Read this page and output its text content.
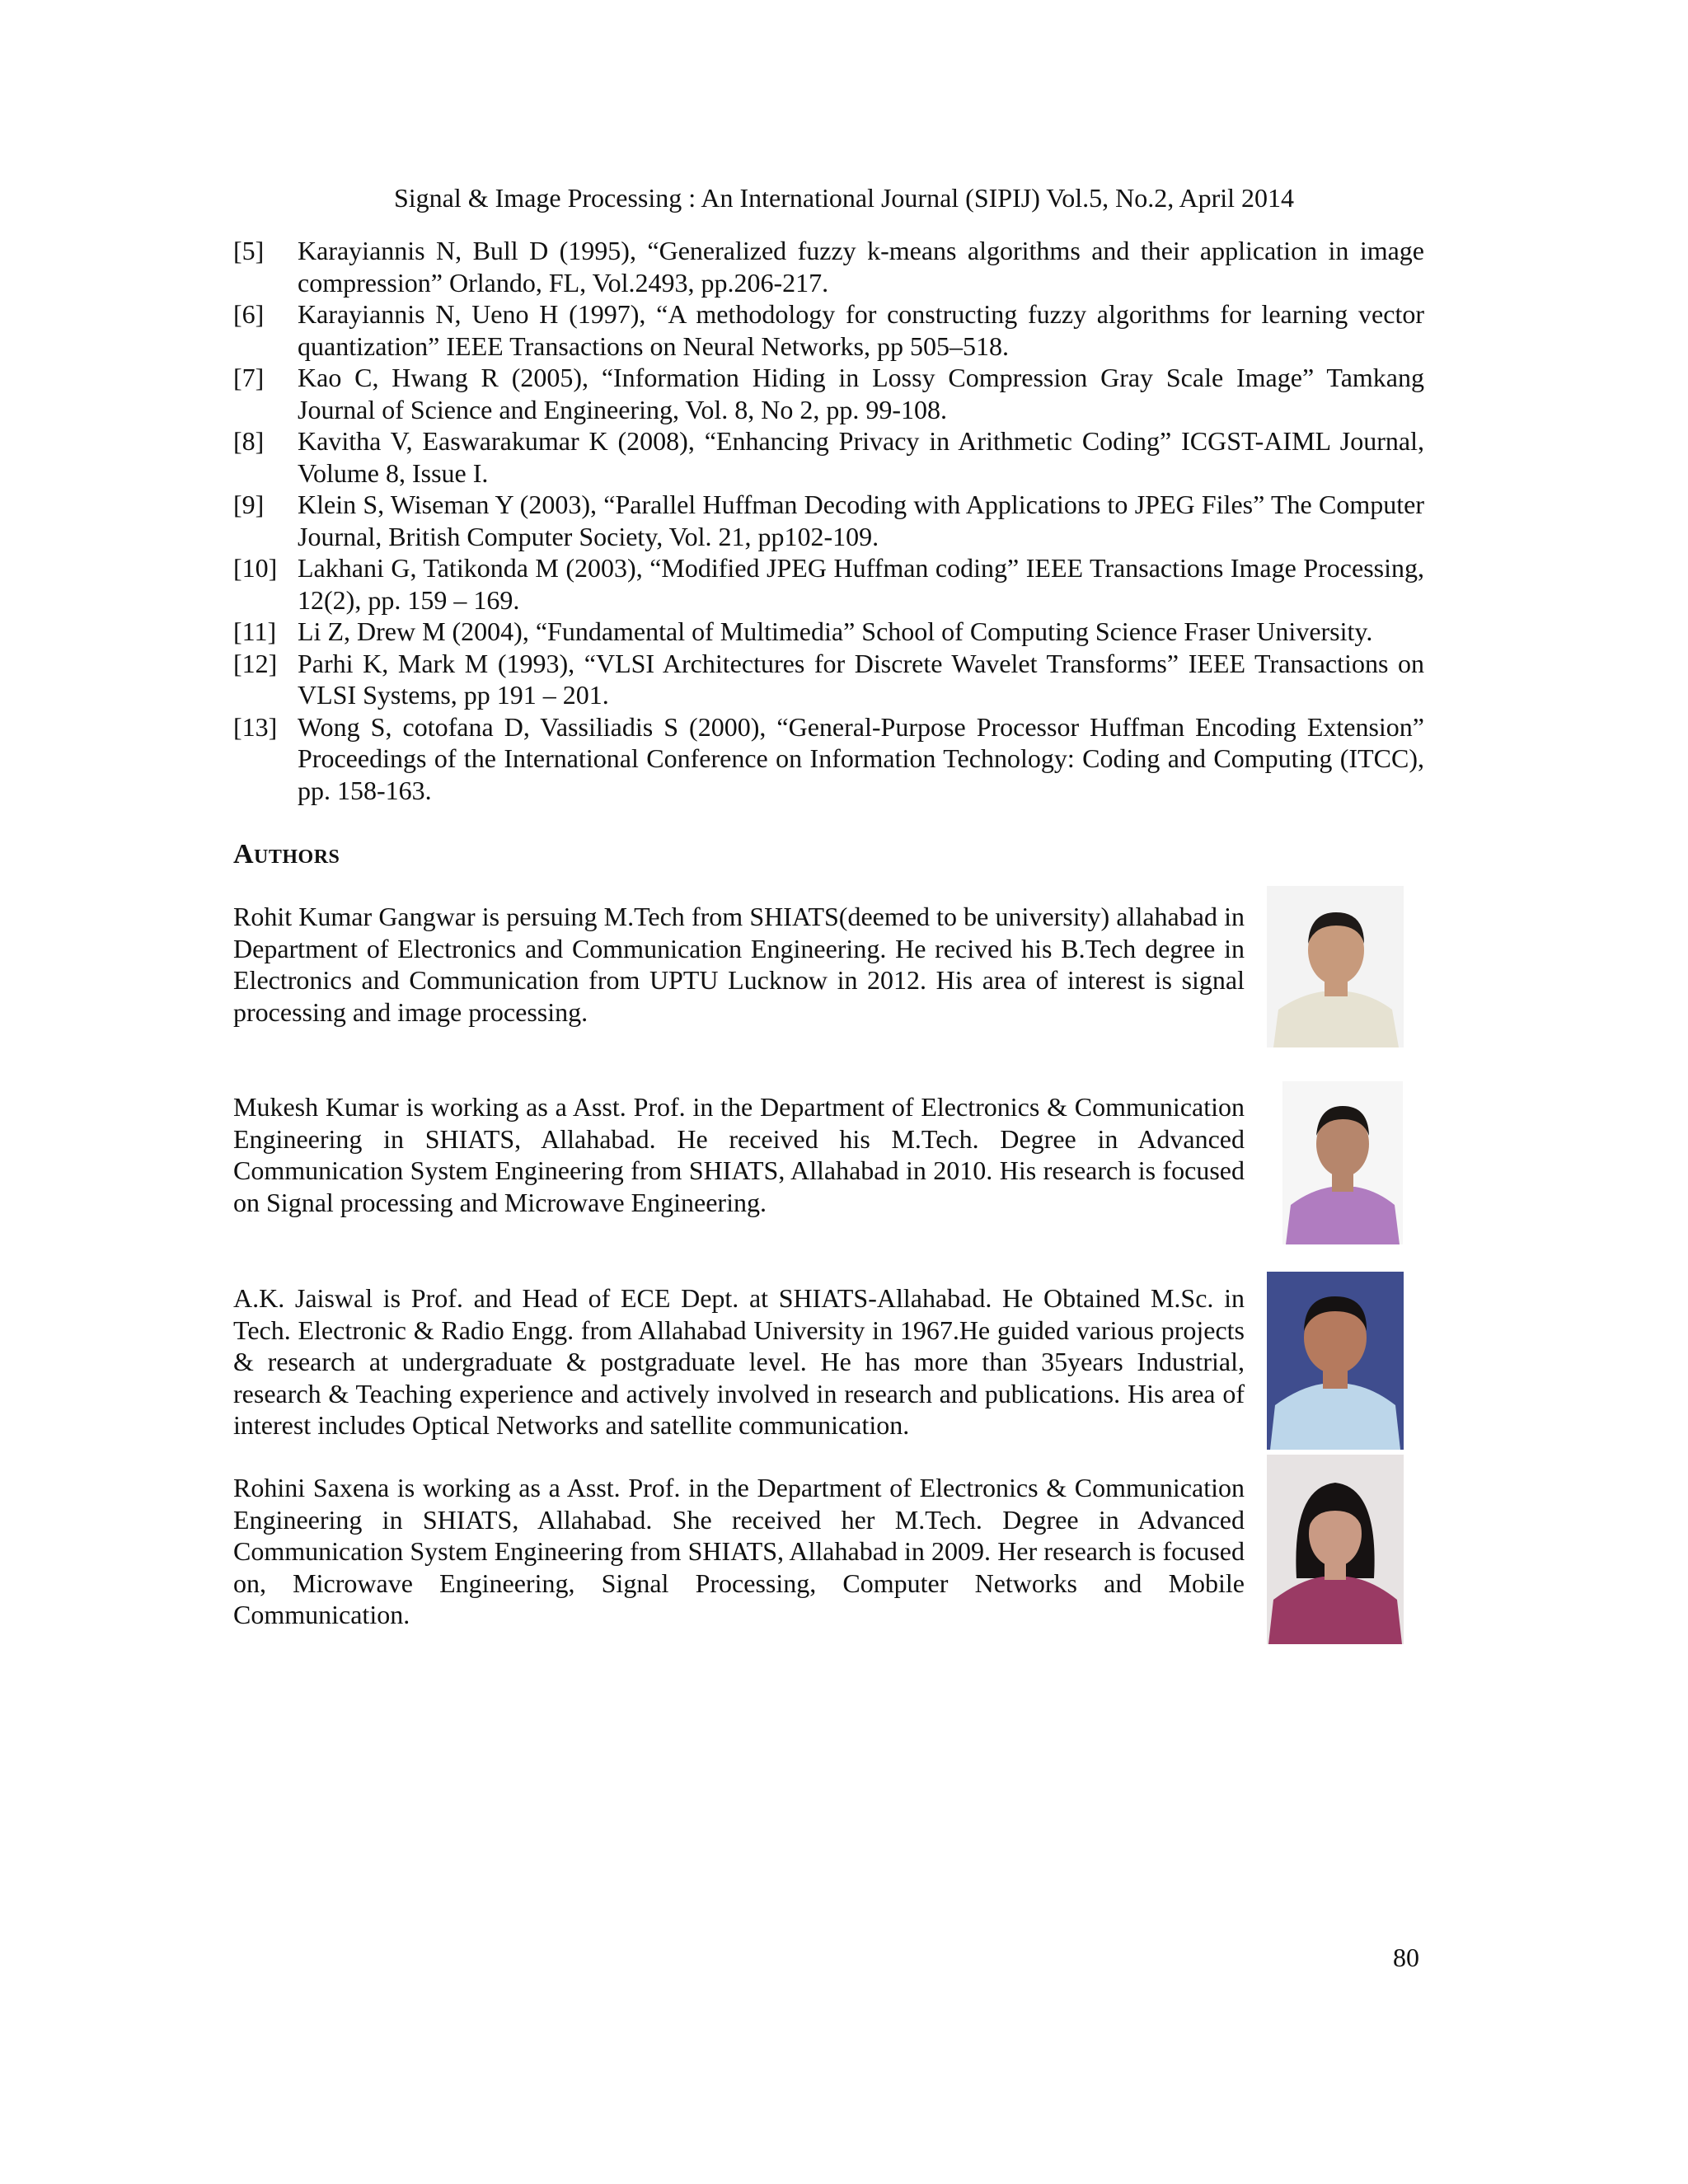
Signal & Image Processing : An International Journal (SIPIJ) Vol.5, No.2, April 2014
[5]	Karayiannis N, Bull D (1995), “Generalized fuzzy k-means algorithms and their application in image compression” Orlando, FL, Vol.2493, pp.206-217.
[6]	Karayiannis N, Ueno H (1997), “A methodology for constructing fuzzy algorithms for learning vector quantization” IEEE Transactions on Neural Networks, pp 505–518.
[7]	Kao C, Hwang R (2005), “Information Hiding in Lossy Compression Gray Scale Image” Tamkang Journal of Science and Engineering, Vol. 8, No 2, pp. 99-108.
[8]	Kavitha V, Easwarakumar K (2008), “Enhancing Privacy in Arithmetic Coding” ICGST-AIML Journal, Volume 8, Issue I.
[9]	Klein S, Wiseman Y (2003), “Parallel Huffman Decoding with Applications to JPEG Files” The Computer Journal, British Computer Society, Vol. 21, pp102-109.
[10] Lakhani G, Tatikonda M (2003), “Modified JPEG Huffman coding” IEEE Transactions Image Processing, 12(2), pp. 159 – 169.
[11] Li Z, Drew M (2004), “Fundamental of Multimedia” School of Computing Science Fraser University.
[12] Parhi K, Mark M (1993), “VLSI Architectures for Discrete Wavelet Transforms” IEEE Transactions on VLSI Systems, pp 191 – 201.
[13] Wong S, cotofana D, Vassiliadis S (2000), “General-Purpose Processor Huffman Encoding Extension” Proceedings of the International Conference on Information Technology: Coding and Computing (ITCC), pp. 158-163.
Authors
Rohit Kumar Gangwar is persuing M.Tech from SHIATS(deemed to be university) allahabad in Department of Electronics and Communication Engineering. He recived his B.Tech degree in Electronics and Communication from UPTU Lucknow in 2012. His area of interest is signal processing and image processing.
Mukesh Kumar is working as a Asst. Prof. in the Department of Electronics & Communication Engineering in SHIATS, Allahabad. He received his M.Tech. Degree in Advanced Communication System Engineering from SHIATS, Allahabad in 2010. His research is focused on Signal processing and Microwave Engineering.
A.K. Jaiswal is Prof. and Head of ECE Dept. at SHIATS-Allahabad. He Obtained M.Sc. in Tech. Electronic & Radio Engg. from Allahabad University in 1967.He guided various projects & research at undergraduate & postgraduate level. He has more than 35years Industrial, research & Teaching experience and actively involved in research and publications. His area of interest includes Optical Networks and satellite communication.
Rohini Saxena is working as a Asst. Prof. in the Department of Electronics & Communication Engineering in SHIATS, Allahabad. She received her M.Tech. Degree in Advanced Communication System Engineering from SHIATS, Allahabad in 2009. Her research is focused on, Microwave Engineering, Signal Processing, Computer Networks and Mobile Communication.
80
